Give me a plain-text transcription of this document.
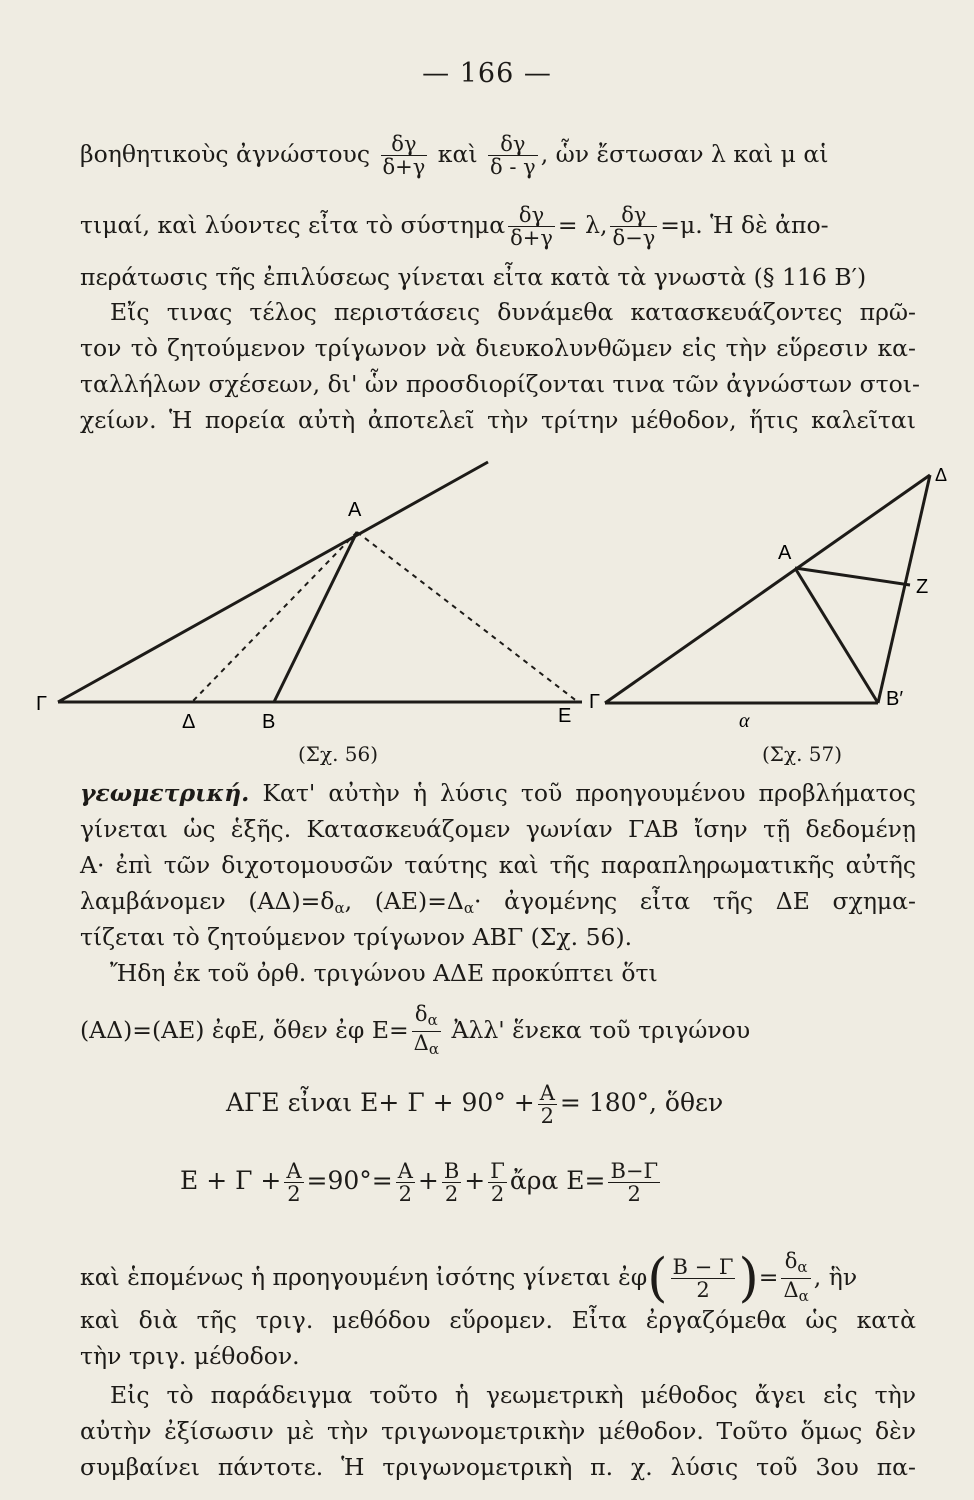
— 166 —
βοηθητικοὺς ἀγνώστους $\frac{\delta\gamma}{\delta+\gamma}$ καὶ $\frac{\delta\gamma}{\delta - \gamma}$ , ὧν ἔστωσαν λ καὶ μ αἱ
τιμαί, καὶ λύοντες εἶτα τὸ σύστημα $\frac{\delta\gamma}{\delta+\gamma} = \lambda$, $\frac{\delta\gamma}{\delta-\gamma} =\mu$. Ἡ δὲ ἀπο-
περάτωσις τῆς ἐπιλύσεως γίνεται εἶτα κατὰ τὰ γνωστὰ (§ 116 Β′)
Εἴς τινας τέλος περιστάσεις δυνάμεθα κατασκευάζοντες πρῶ-
τον τὸ ζητούμενον τρίγωνον νὰ διευκολυνθῶμεν εἰς τὴν εὕρεσιν κα-
ταλλήλων σχέσεων, δι' ὧν προσδιορίζονται τινα τῶν ἀγνώστων στοι-
χείων. Ἡ πορεία αὐτὴ ἀποτελεῖ τὴν τρίτην μέθοδον, ἥτις καλεῖται
A
Γ
Δ	B	E
(Σχ. 56)
A
Γ
Z
B′
α
Δ
(Σχ. 57)
γεωμετρική. Κατ' αὐτὴν ἡ λύσις τοῦ προηγουμένου προβλήματος
γίνεται ὡς ἑξῆς. Κατασκευάζομεν γωνίαν ΓΑΒ ἴσην τῇ δεδομένῃ
Α· ἐπὶ τῶν διχοτομουσῶν ταύτης καὶ τῆς παραπληρωματικῆς αὐτῆς
λαμβάνομεν $(A\Delta)=\delta_\alpha$, $(AE)=\Delta_\alpha\cdot$ ἀγομένης εἶτα τῆς ΔΕ σχημα-
τίζεται τὸ ζητούμενον τρίγωνον ΑΒΓ (Σχ. 56).
Ἤδη ἐκ τοῦ ὀρθ. τριγώνου ΑΔΕ προκύπτει ὅτι
(ΑΔ)=(ΑΕ) ἐφΕ, ὅθεν ἐφ $E= \frac{\delta_\alpha}{\Delta_\alpha}$ Ἀλλ' ἕνεκα τοῦ τριγώνου
ΑΓΕ εἶναι $E+ \Gamma + 90^\circ + \frac{A}{2} = 180^\circ$, ὅθεν
$E + \Gamma + \frac{A}{2} =90^\circ= \frac{A}{2} + \frac{B}{2} + \frac{\Gamma}{2}$ ἄρα $E= \frac{B-\Gamma}{2}$
καὶ ἑπομένως ἡ προηγουμένη ἰσότης γίνεται ἐφ( $\frac{B - \Gamma}{2}$ )= $\frac{\delta_\alpha}{\Delta_\alpha}$ , ἣν
καὶ διὰ τῆς τριγ. μεθόδου εὕρομεν. Εἶτα ἐργαζόμεθα ὡς κατὰ
τὴν τριγ. μέθοδον.
Εἰς τὸ παράδειγμα τοῦτο ἡ γεωμετρικὴ μέθοδος ἄγει εἰς τὴν
αὐτὴν ἐξίσωσιν μὲ τὴν τριγωνομετρικὴν μέθοδον. Τοῦτο ὅμως δὲν
συμβαίνει πάντοτε. Ἡ τριγωνομετρικὴ π. χ. λύσις τοῦ 3ου πα-
